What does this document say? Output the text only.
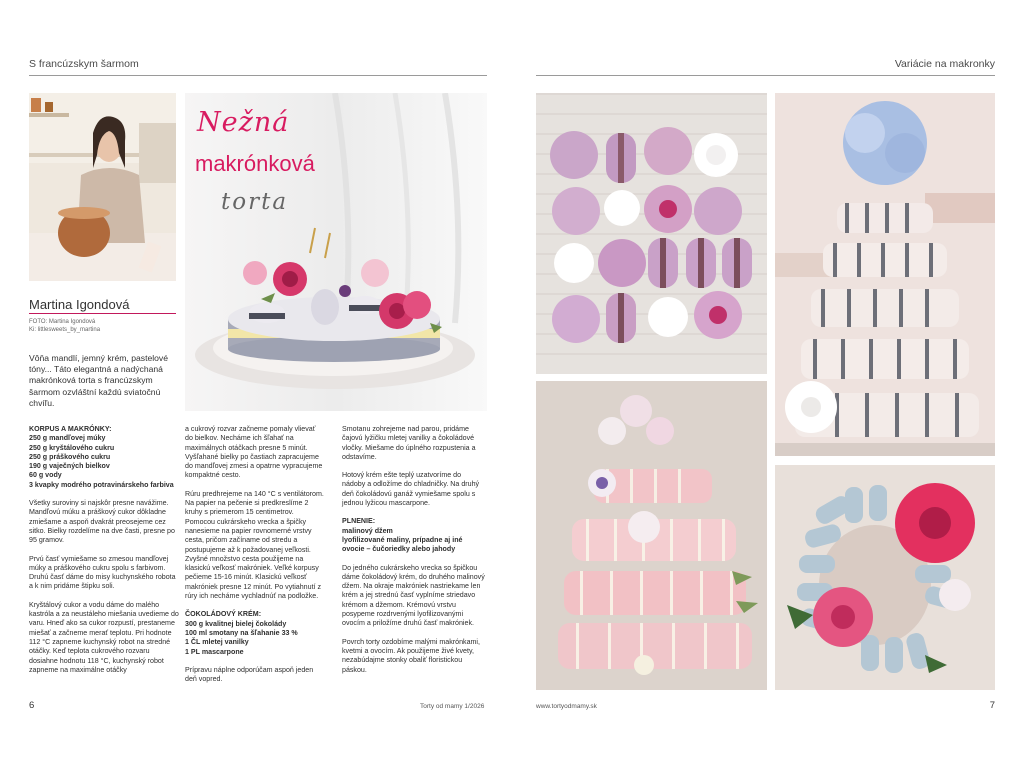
S francúzskym šarmom
Martina Igondová
FOTO: Martina Igondová
Ki: littlesweets_by_martina
Vôňa mandlí, jemný krém, pastelové tóny... Táto elegantná a nadýchaná makrónková torta s francúzskym šarmom ozvláštní každú sviatočnú chvíľu.
Nežná
makrónková
torta
KORPUS A MAKRÓNKY:
250 g mandľovej múky
250 g kryštálového cukru
250 g práškového cukru
190 g vaječných bielkov
60 g vody
3 kvapky modrého potravinárskeho farbiva

Všetky suroviny si najskôr presne navážime. Mandľovú múku a práškový cukor dôkladne zmiešame a aspoň dvakrát preosejeme cez sitko. Bielky rozdelíme na dve časti, presne po 95 gramov.

Prvú časť vymiešame so zmesou mandľovej múky a práškového cukru spolu s farbivom. Druhú časť dáme do misy kuchynského robota a k nim pridáme štipku soli.

Kryštálový cukor a vodu dáme do malého kastróla a za neustáleho miešania uvedieme do varu. Hneď ako sa cukor rozpustí, prestaneme miešať a začneme merať teplotu. Pri hodnote 112 °C zapneme kuchynský robot na stredné otáčky. Keď teplota cukrového rozvaru dosiahne hodnotu 118 °C, kuchynský robot zapneme na maximálne otáčky

a cukrový rozvar začneme pomaly vlievať do bielkov. Necháme ich šľahať na maximálnych otáčkach presne 5 minút. Vyšľahané bielky po častiach zapracujeme do mandľovej zmesi a opatrne vypracujeme kompaktné cesto.

Rúru predhrejeme na 140 °C s ventilátorom. Na papier na pečenie si predkreslíme 2 kruhy s priemerom 15 centimetrov. Pomocou cukrárskeho vrecka a špičky nanesieme na papier rovnomerné vrstvy cesta, pričom začíname od stredu a postupujeme až k požadovanej veľkosti. Zvyšné množstvo cesta použijeme na klasickú veľkosť makróniek. Veľké korpusy pečieme 15-16 minút. Klasickú veľkosť makróniek presne 12 minút. Po vytiahnutí z rúry ich necháme vychladnúť na podložke.

ČOKOLÁDOVÝ KRÉM:
300 g kvalitnej bielej čokolády
100 ml smotany na šľahanie 33 %
1 ČL mletej vanilky
1 PL mascarpone

Prípravu náplne odporúčam aspoň jeden deň vopred.

Smotanu zohrejeme nad parou, pridáme čajovú lyžičku mletej vanilky a čokoládové vločky. Miešame do úplného rozpustenia a odstavíme.

Hotový krém ešte teplý uzatvoríme do nádoby a odložíme do chladničky. Na druhý deň čokoládovú ganáž vymiešame spolu s jednou lyžicou mascarpone.

PLNENIE:
malinový džem
lyofilizované maliny, prípadne aj iné ovocie – čučoriedky alebo jahody

Do jedného cukrárskeho vrecka so špičkou dáme čokoládový krém, do druhého malinový džem. Na okraje makróniek nastriekame len krém a jej strednú časť vyplníme striedavo krémom a džemom. Krémovú vrstvu posypeme rozdrvenými lyofilizovanými ovocím a priložíme druhú časť makróniek.

Povrch torty ozdobíme malými makrónkami, kvetmi a ovocím. Ak použijeme živé kvety, nezabúdajme stonky obaliť floristickou páskou.

6	Torty od mamy 1/2026
Variácie na makronky
www.tortyodmamy.sk	7
